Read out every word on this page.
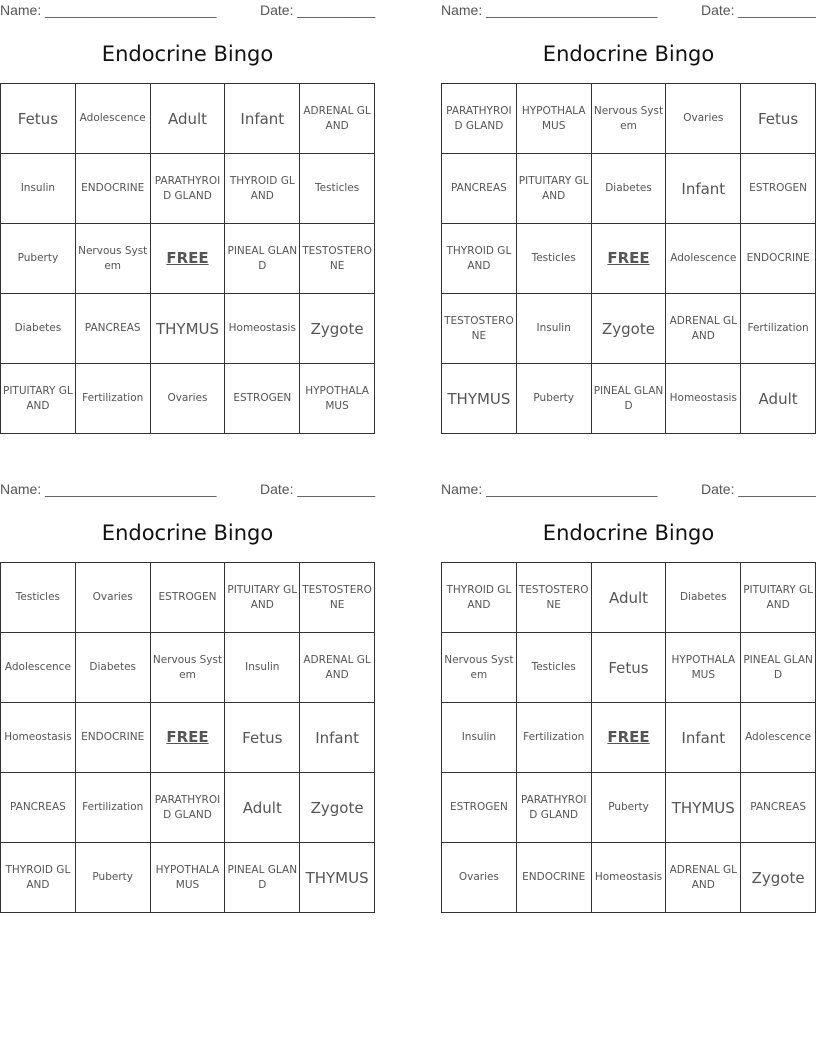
Name: ______________________	Date: __________
Endocrine Bingo
Fetus	Adolescence	Adult	Infant	ADRENAL GLAND
Insulin	ENDOCRINE	PARATHYROID GLAND	THYROID GLAND	Testicles
Puberty	Nervous System	FREE	PINEAL GLAND	TESTOSTERONE
Diabetes	PANCREAS	THYMUS	Homeostasis	Zygote
PITUITARY GLAND	Fertilization	Ovaries	ESTROGEN	HYPOTHALAMUS
Name: ______________________	Date: __________
Endocrine Bingo
PARATHYROID GLAND	HYPOTHALAMUS	Nervous System	Ovaries	Fetus
PANCREAS	PITUITARY GLAND	Diabetes	Infant	ESTROGEN
THYROID GLAND	Testicles	FREE	Adolescence	ENDOCRINE
TESTOSTERONE	Insulin	Zygote	ADRENAL GLAND	Fertilization
THYMUS	Puberty	PINEAL GLAND	Homeostasis	Adult
Name: ______________________	Date: __________
Endocrine Bingo
Testicles	Ovaries	ESTROGEN	PITUITARY GLAND	TESTOSTERONE
Adolescence	Diabetes	Nervous System	Insulin	ADRENAL GLAND
Homeostasis	ENDOCRINE	FREE	Fetus	Infant
PANCREAS	Fertilization	PARATHYROID GLAND	Adult	Zygote
THYROID GLAND	Puberty	HYPOTHALAMUS	PINEAL GLAND	THYMUS
Name: ______________________	Date: __________
Endocrine Bingo
THYROID GLAND	TESTOSTERONE	Adult	Diabetes	PITUITARY GLAND
Nervous System	Testicles	Fetus	HYPOTHALAMUS	PINEAL GLAND
Insulin	Fertilization	FREE	Infant	Adolescence
ESTROGEN	PARATHYROID GLAND	Puberty	THYMUS	PANCREAS
Ovaries	ENDOCRINE	Homeostasis	ADRENAL GLAND	Zygote
